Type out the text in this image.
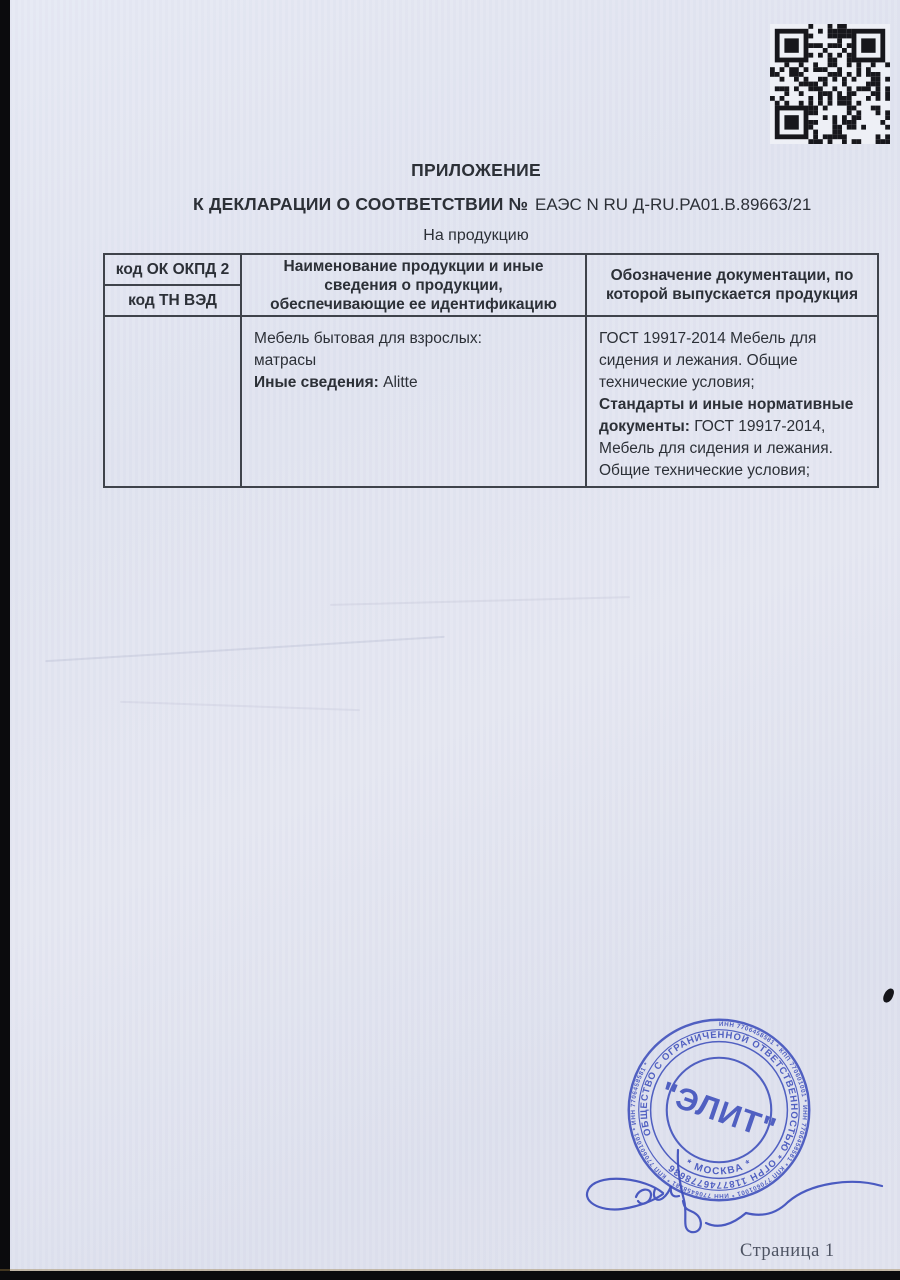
ПРИЛОЖЕНИЕ
К ДЕКЛАРАЦИИ О СООТВЕТСТВИИ № ЕАЭС N RU Д-RU.РА01.В.89663/21
На продукцию
код ОК ОКПД 2
код ТН ВЭД
Наименование продукции и иные
сведения о продукции,
обеспечивающие ее идентификацию
Обозначение документации, по
которой выпускается продукция
Мебель бытовая для взрослых:
матрасы
Иные сведения: Alitte
ГОСТ 19917-2014 Мебель для
сидения и лежания. Общие
технические условия;
Стандарты и иные нормативные
документы: ГОСТ 19917-2014,
Мебель для сидения и лежания.
Общие технические условия;
ИНН 7706458581 * КПП 770601001 * ИНН 7706458581 * КПП 770601001 * ИНН 7706458581 * КПП 770601001 * ИНН 7706458581 *
ОБЩЕСТВО С ОГРАНИЧЕННОЙ ОТВЕТСТВЕННОСТЬЮ * ОГРН 1187746778636 * МОСКВА *
"ЭЛИТ"
Страница 1
